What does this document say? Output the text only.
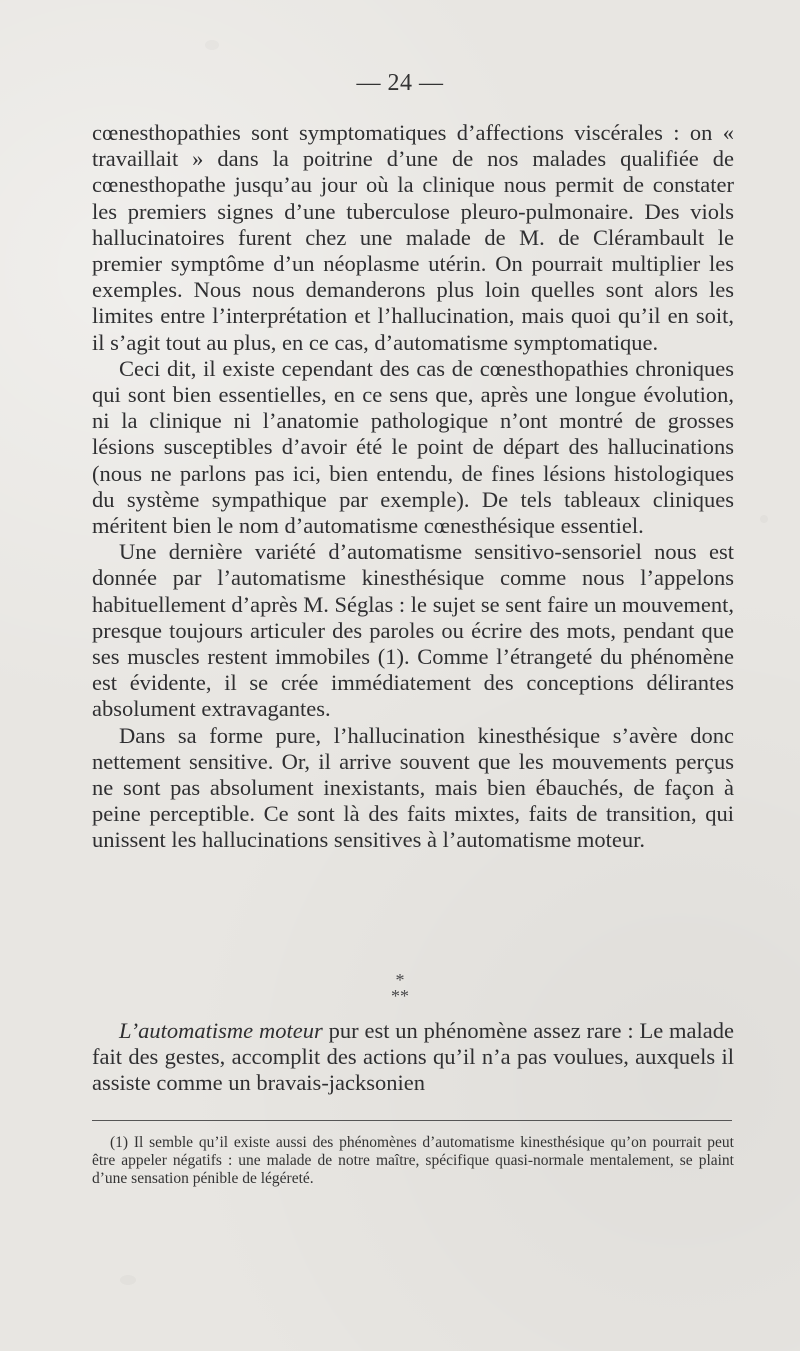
— 24 —

cœnesthopathies sont symptomatiques d’affections viscérales : on « travaillait » dans la poitrine d’une de nos malades qualifiée de cœnesthopathe jusqu’au jour où la clinique nous permit de constater les premiers signes d’une tuberculose pleuro-pulmonaire. Des viols hallucinatoires furent chez une malade de M. de Clérambault le premier symptôme d’un néoplasme utérin. On pourrait multiplier les exemples. Nous nous demanderons plus loin quelles sont alors les limites entre l’interprétation et l’hallucination, mais quoi qu’il en soit, il s’agit tout au plus, en ce cas, d’automatisme symptomatique.

Ceci dit, il existe cependant des cas de cœnesthopathies chroniques qui sont bien essentielles, en ce sens que, après une longue évolution, ni la clinique ni l’anatomie pathologique n’ont montré de grosses lésions susceptibles d’avoir été le point de départ des hallucinations (nous ne parlons pas ici, bien entendu, de fines lésions histologiques du système sympathique par exemple). De tels tableaux cliniques méritent bien le nom d’automatisme cœnesthésique essentiel.

Une dernière variété d’automatisme sensitivo-sensoriel nous est donnée par l’automatisme kinesthésique comme nous l’appelons habituellement d’après M. Séglas : le sujet se sent faire un mouvement, presque toujours articuler des paroles ou écrire des mots, pendant que ses muscles restent immobiles (1). Comme l’étrangeté du phénomène est évidente, il se crée immédiatement des conceptions délirantes absolument extravagantes.

Dans sa forme pure, l’hallucination kinesthésique s’avère donc nettement sensitive. Or, il arrive souvent que les mouvements perçus ne sont pas absolument inexistants, mais bien ébauchés, de façon à peine perceptible. Ce sont là des faits mixtes, faits de transition, qui unissent les hallucinations sensitives à l’automatisme moteur.

*
**

L’automatisme moteur pur est un phénomène assez rare : Le malade fait des gestes, accomplit des actions qu’il n’a pas voulues, auxquels il assiste comme un bravais-jacksonien

(1) Il semble qu’il existe aussi des phénomènes d’automatisme kinesthésique qu’on pourrait peut être appeler négatifs : une malade de notre maître, spécifique quasi-normale mentalement, se plaint d’une sensation pénible de légéreté.
